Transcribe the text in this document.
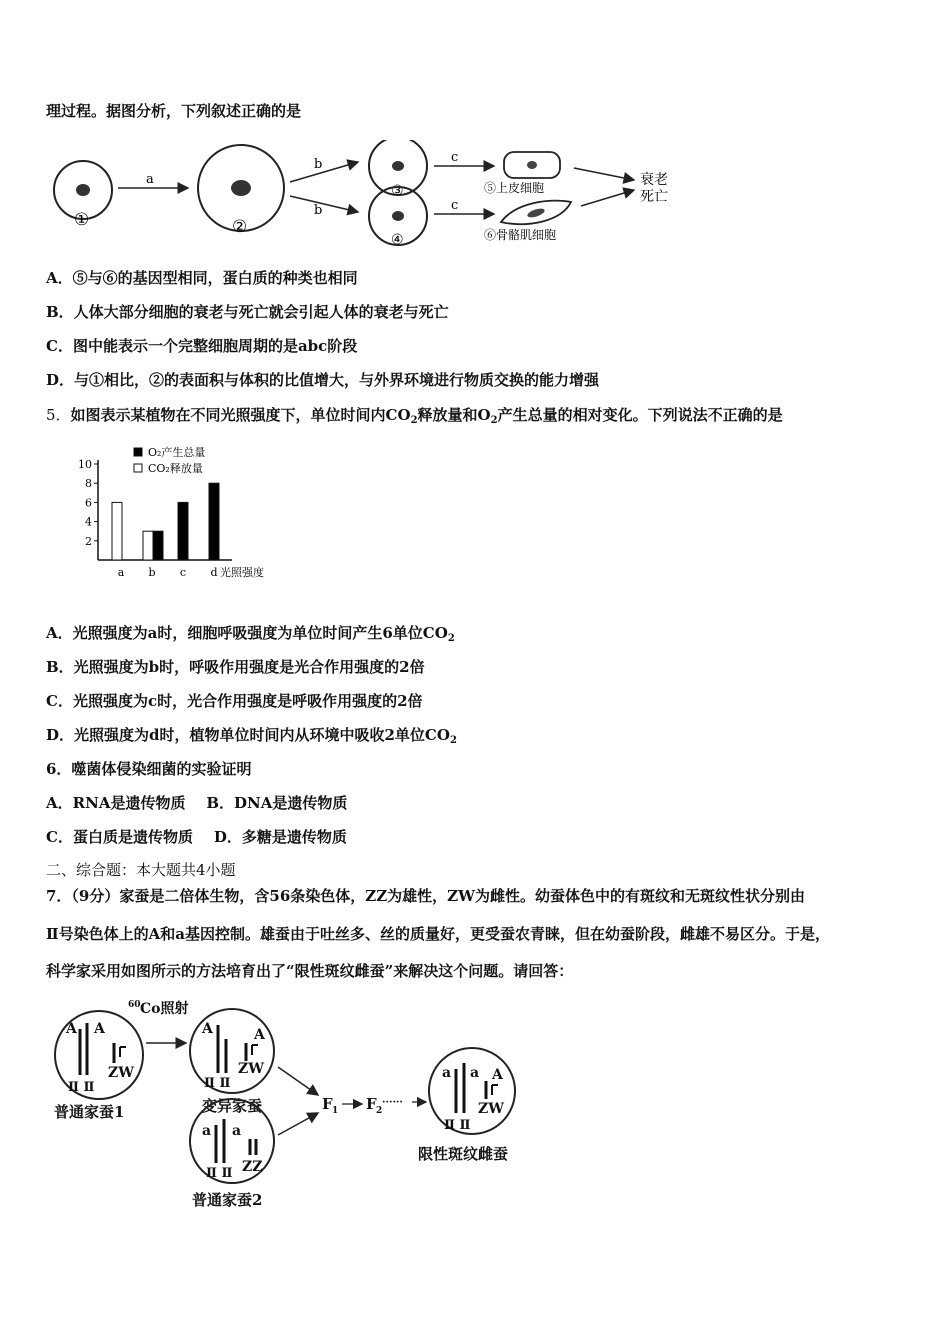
理过程。据图分析，下列叙述正确的是
①
a
②
b
b
③
④
c
c
⑤上皮细胞
⑥骨骼肌细胞
衰老
死亡
A．⑤与⑥的基因型相同，蛋白质的种类也相同
B．人体大部分细胞的衰老与死亡就会引起人体的衰老与死亡
C．图中能表示一个完整细胞周期的是abc阶段
D．与①相比，②的表面积与体积的比值增大，与外界环境进行物质交换的能力增强
5．如图表示某植物在不同光照强度下，单位时间内$CO_2$释放量和$O_2$产生总量的相对变化。下列说法不正确的是
O₂产生总量
CO₂释放量
2
4
6
8
10
a b c d 光照强度
A．光照强度为a时，细胞呼吸强度为单位时间产生6单位$CO_2$
B．光照强度为b时，呼吸作用强度是光合作用强度的2倍
C．光照强度为c时，光合作用强度是呼吸作用强度的2倍
D．光照强度为d时，植物单位时间内从环境中吸收2单位$CO_2$
6．噬菌体侵染细菌的实验证明
A．RNA是遗传物质    B．DNA是遗传物质
C．蛋白质是遗传物质    D．多糖是遗传物质
二、综合题：本大题共4小题
7．（9分）家蚕是二倍体生物，含56条染色体，ZZ为雄性，ZW为雌性。幼蚕体色中的有斑纹和无斑纹性状分别由
Ⅱ号染色体上的A和a基因控制。雄蚕由于吐丝多、丝的质量好，更受蚕农青睐，但在幼蚕阶段，雌雄不易区分。于是，
科学家采用如图所示的方法培育出了“限性斑纹雌蚕”来解决这个问题。请回答：
A A
ZW
Ⅱ Ⅱ
普通家蚕1
60 Co照射
A	A
ZW
Ⅱ Ⅱ
变异家蚕
a a
ZZ
Ⅱ Ⅱ
普通家蚕2
F 1 F 2
······
a a A
ZW
Ⅱ Ⅱ
限性斑纹雌蚕
